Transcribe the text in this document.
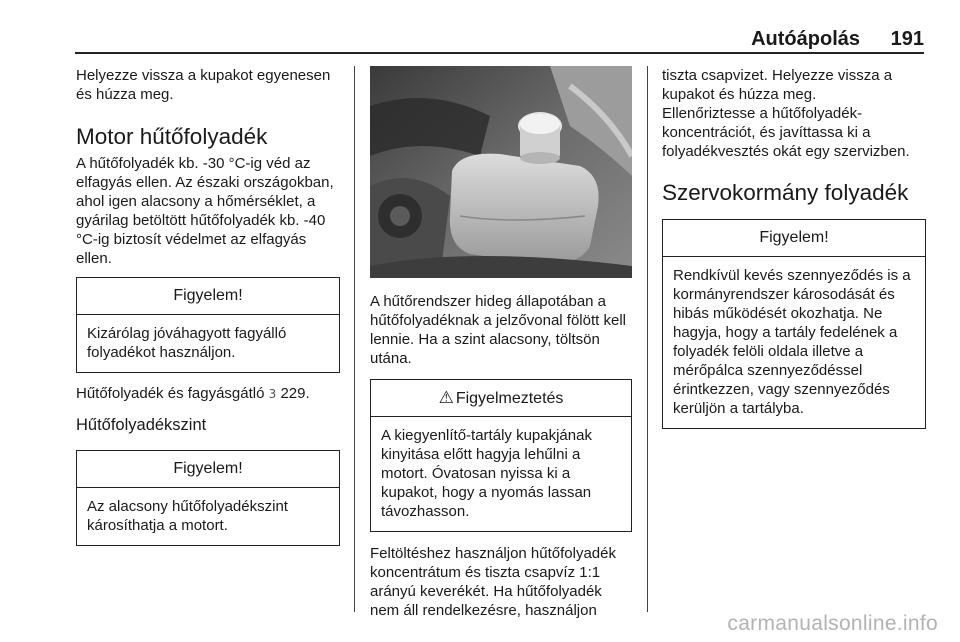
Autóápolás	191

Helyezze vissza a kupakot egyenesen és húzza meg.

Motor hűtőfolyadék

A hűtőfolyadék kb. -30 °C-ig véd az elfagyás ellen. Az északi országokban, ahol igen alacsony a hőmérséklet, a gyárilag betöltött hűtőfolyadék kb. -40 °C-ig biztosít védelmet az elfagyás ellen.

Figyelem!
Kizárólag jóváhagyott fagyálló folyadékot használjon.

Hűtőfolyadék és fagyásgátló 3 229.

Hűtőfolyadékszint
Figyelem!
Az alacsony hűtőfolyadékszint károsíthatja a motort.

A hűtőrendszer hideg állapotában a hűtőfolyadéknak a jelzővonal fölött kell lennie. Ha a szint alacsony, töltsön utána.

⚠ Figyelmeztetés
A kiegyenlítő-tartály kupakjának kinyitása előtt hagyja lehűlni a motort. Óvatosan nyissa ki a kupakot, hogy a nyomás lassan távozhasson.

Feltöltéshez használjon hűtőfolyadék koncentrátum és tiszta csapvíz 1:1 arányú keverékét. Ha hűtőfolyadék nem áll rendelkezésre, használjon

tiszta csapvizet. Helyezze vissza a kupakot és húzza meg.

Ellenőriztesse a hűtőfolyadék-koncentrációt, és javíttassa ki a folyadékvesztés okát egy szervizben.

Szervokormány folyadék
Figyelem!
Rendkívül kevés szennyeződés is a kormányrendszer károsodását és hibás működését okozhatja. Ne hagyja, hogy a tartály fedelének a folyadék felöli oldala illetve a mérőpálca szennyeződéssel érintkezzen, vagy szennyeződés kerüljön a tartályba.
carmanualsonline.info
